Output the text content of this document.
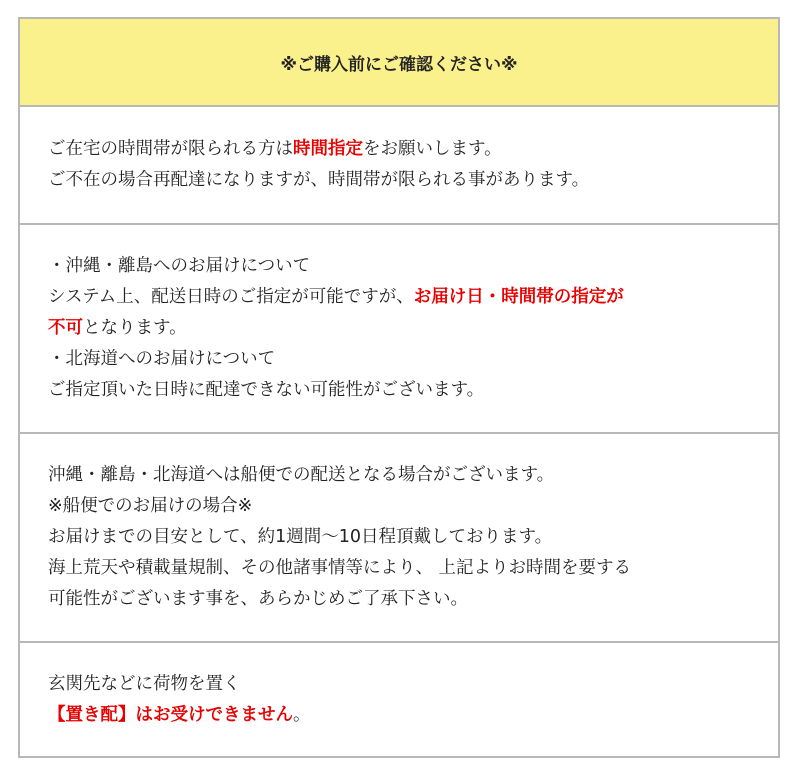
※ご購入前にご確認ください※
ご在宅の時間帯が限られる方は時間指定をお願いします。
ご不在の場合再配達になりますが、時間帯が限られる事があります。
・沖縄・離島へのお届けについて
システム上、配送日時のご指定が可能ですが、お届け日・時間帯の指定が
不可となります。
・北海道へのお届けについて
ご指定頂いた日時に配達できない可能性がございます。
沖縄・離島・北海道へは船便での配送となる場合がございます。
※船便でのお届けの場合※
お届けまでの目安として、約1週間〜10日程頂戴しております。
海上荒天や積載量規制、その他諸事情等により、 上記よりお時間を要する
可能性がございます事を、あらかじめご了承下さい。
玄関先などに荷物を置く
【置き配】はお受けできません。
